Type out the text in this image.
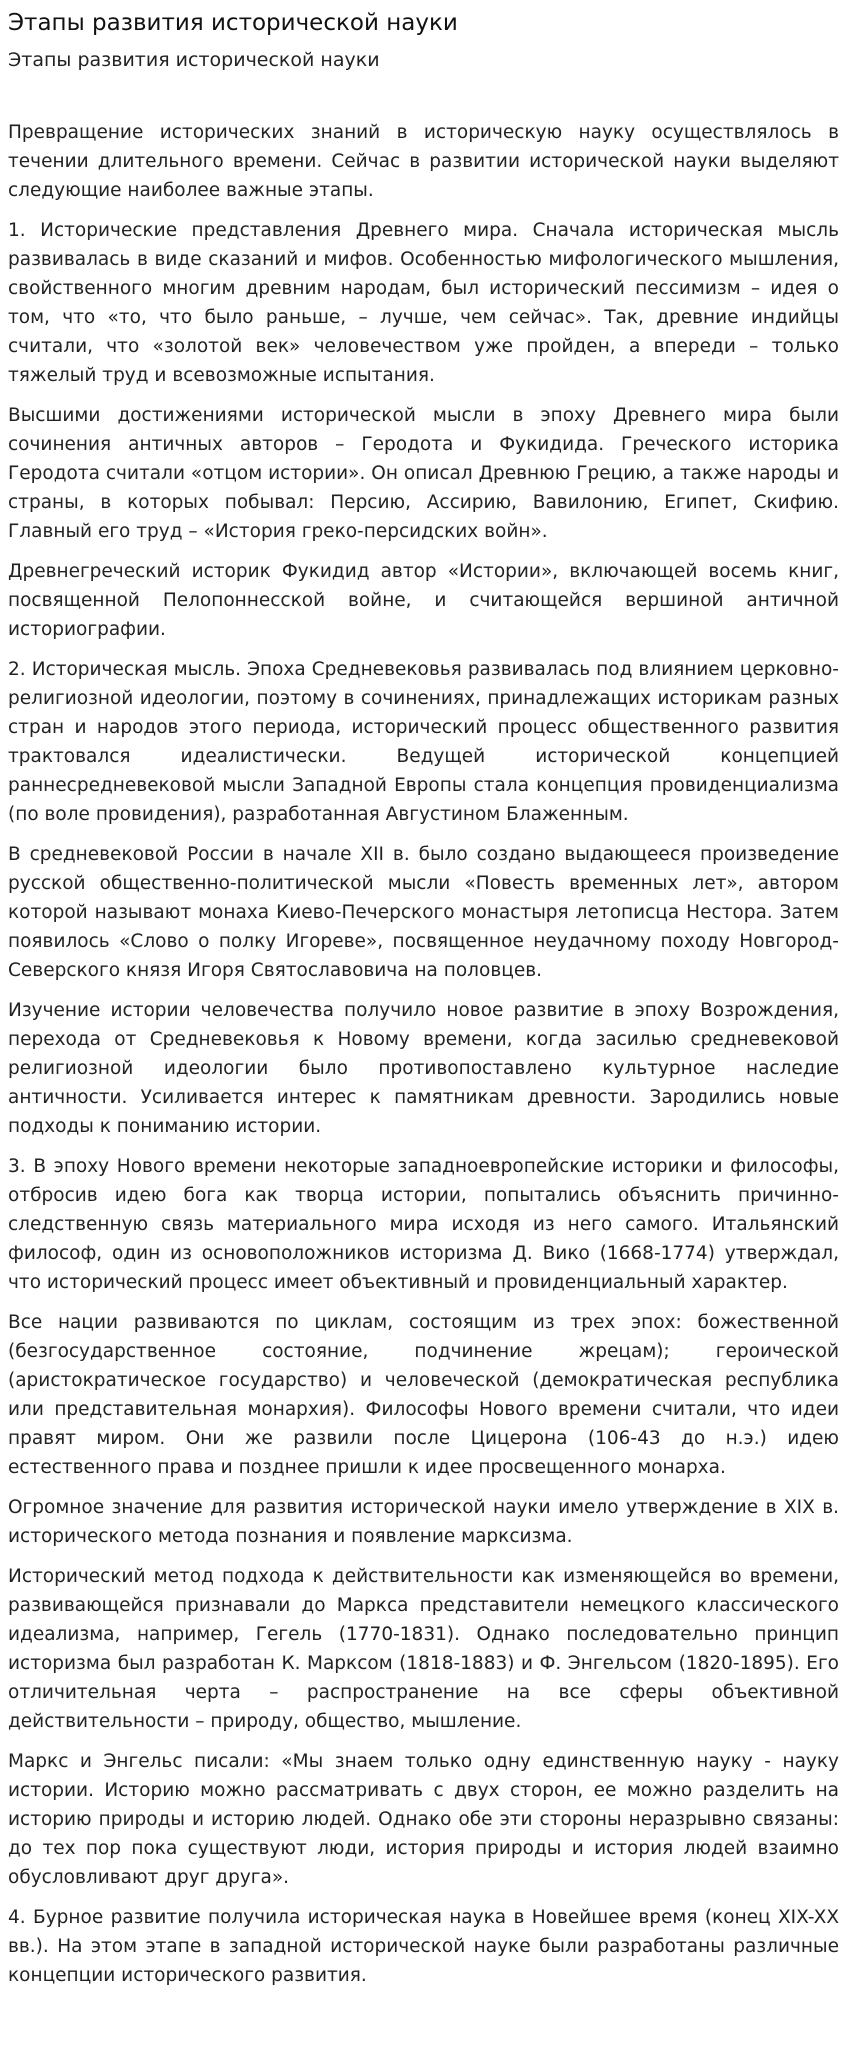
Этапы развития исторической науки
Этапы развития исторической науки

Превращение исторических знаний в историческую науку осуществлялось в течении длительного времени. Сейчас в развитии исторической науки выделяют следующие наиболее важные этапы.

1. Исторические представления Древнего мира. Сначала историческая мысль развивалась в виде сказаний и мифов. Особенностью мифологического мышления, свойственного многим древним народам, был исторический пессимизм – идея о том, что «то, что было раньше, – лучше, чем сейчас». Так, древние индийцы считали, что «золотой век» человечеством уже пройден, а впереди – только тяжелый труд и всевозможные испытания.

Высшими достижениями исторической мысли в эпоху Древнего мира были сочинения античных авторов – Геродота и Фукидида. Греческого историка Геродота считали «отцом истории». Он описал Древнюю Грецию, а также народы и страны, в которых побывал: Персию, Ассирию, Вавилонию, Египет, Скифию. Главный его труд – «История греко-персидских войн».

Древнегреческий историк Фукидид автор «Истории», включающей восемь книг, посвященной Пелопоннесской войне, и считающейся вершиной античной историографии.

2. Историческая мысль. Эпоха Средневековья развивалась под влиянием церковно-религиозной идеологии, поэтому в сочинениях, принадлежащих историкам разных стран и народов этого периода, исторический процесс общественного развития трактовался идеалистически. Ведущей исторической концепцией раннесредневековой мысли Западной Европы стала концепция провиденциализма (по воле провидения), разработанная Августином Блаженным.

В средневековой России в начале XII в. было создано выдающееся произведение русской общественно-политической мысли «Повесть временных лет», автором которой называют монаха Киево-Печерского монастыря летописца Нестора. Затем появилось «Слово о полку Игореве», посвященное неудачному походу Новгород-Северского князя Игоря Святославовича на половцев.

Изучение истории человечества получило новое развитие в эпоху Возрождения, перехода от Средневековья к Новому времени, когда засилью средневековой религиозной идеологии было противопоставлено культурное наследие античности. Усиливается интерес к памятникам древности. Зародились новые подходы к пониманию истории.

3. В эпоху Нового времени некоторые западноевропейские историки и философы, отбросив идею бога как творца истории, попытались объяснить причинно-следственную связь материального мира исходя из него самого. Итальянский философ, один из основоположников историзма Д. Вико (1668-1774) утверждал, что исторический процесс имеет объективный и провиденциальный характер.

Все нации развиваются по циклам, состоящим из трех эпох: божественной (безгосударственное состояние, подчинение жрецам); героической (аристократическое государство) и человеческой (демократическая республика или представительная монархия). Философы Нового времени считали, что идеи правят миром. Они же развили после Цицерона (106-43 до н.э.) идею естественного права и позднее пришли к идее просвещенного монарха.

Огромное значение для развития исторической науки имело утверждение в XIX в. исторического метода познания и появление марксизма.

Исторический метод подхода к действительности как изменяющейся во времени, развивающейся признавали до Маркса представители немецкого классического идеализма, например, Гегель (1770-1831). Однако последовательно принцип историзма был разработан К. Марксом (1818-1883) и Ф. Энгельсом (1820-1895). Его отличительная черта – распространение на все сферы объективной действительности – природу, общество, мышление.

Маркс и Энгельс писали: «Мы знаем только одну единственную науку - науку истории. Историю можно рассматривать с двух сторон, ее можно разделить на историю природы и историю людей. Однако обе эти стороны неразрывно связаны: до тех пор пока существуют люди, история природы и история людей взаимно обусловливают друг друга».

4. Бурное развитие получила историческая наука в Новейшее время (конец XIX-XX вв.). На этом этапе в западной исторической науке были разработаны различные концепции исторического развития.
